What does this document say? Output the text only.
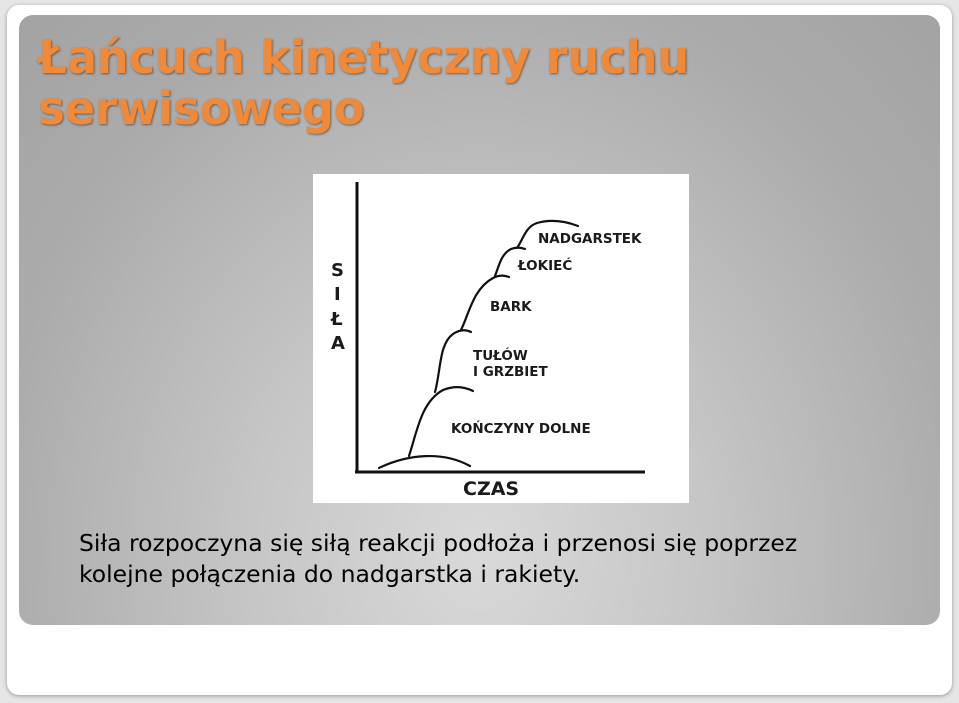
Łańcuch kinetyczny ruchu
serwisowego
S
I
Ł
A
CZAS
NADGARSTEK
ŁOKIEĆ
BARK
TUŁÓW
I GRZBIET
KOŃCZYNY DOLNE

Siła rozpoczyna się siłą reakcji podłoża i przenosi się poprzez kolejne połączenia do nadgarstka i rakiety.
